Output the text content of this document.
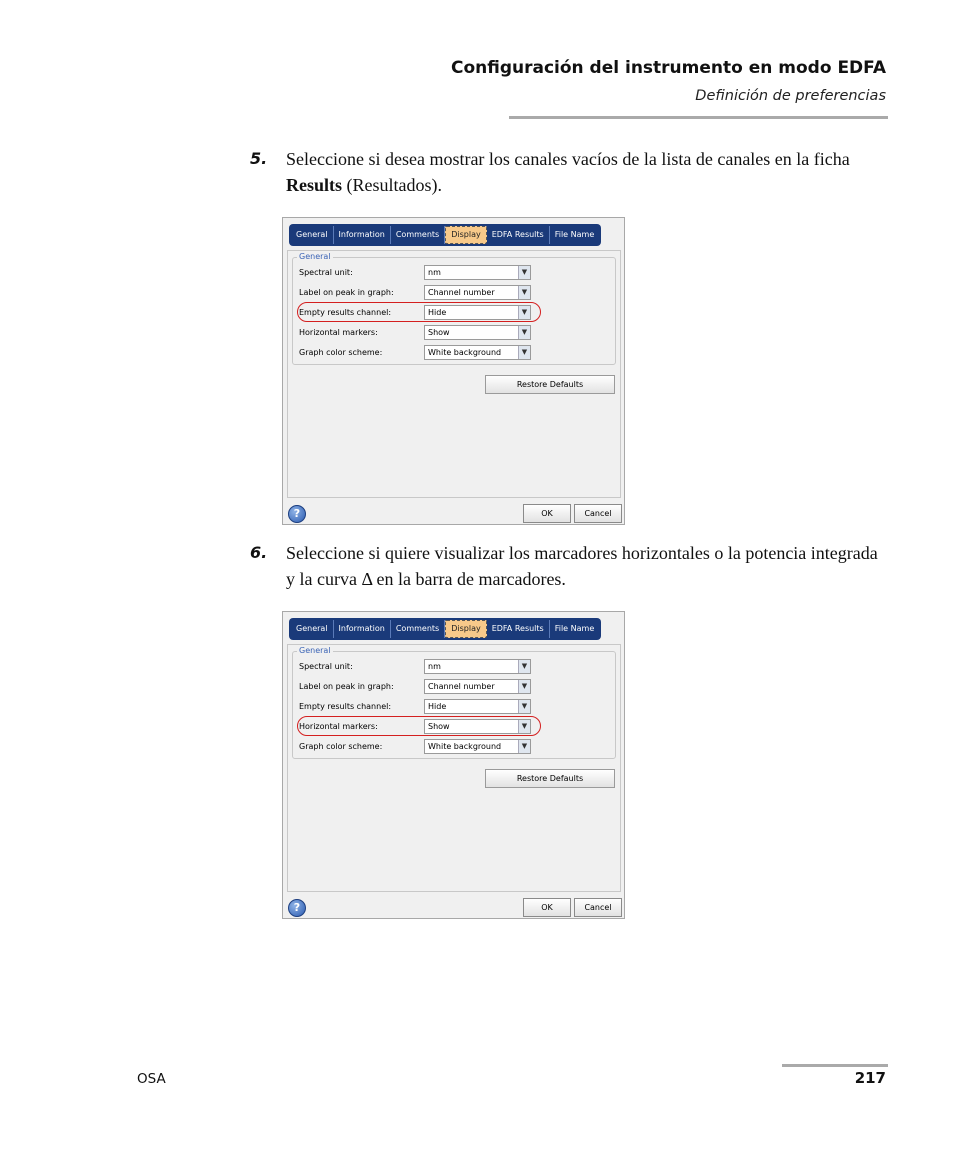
Configuración del instrumento en modo EDFA
Definición de preferencias
5. Seleccione si desea mostrar los canales vacíos de la lista de canales en la ficha Results (Resultados).
General	Information	Comments	Display	EDFA Results	File Name
General
Spectral unit:	nm	▼
Label on peak in graph:	Channel number	▼
Empty results channel:	Hide	▼
Horizontal markers:	Show	▼
Graph color scheme:	White background	▼
Restore Defaults
?	OK	Cancel
6. Seleccione si quiere visualizar los marcadores horizontales o la potencia integrada y la curva Δ en la barra de marcadores.
General	Information	Comments	Display	EDFA Results	File Name
General
Spectral unit:	nm	▼
Label on peak in graph:	Channel number	▼
Empty results channel:	Hide	▼
Horizontal markers:	Show	▼
Graph color scheme:	White background	▼
Restore Defaults
?	OK	Cancel
OSA	217
